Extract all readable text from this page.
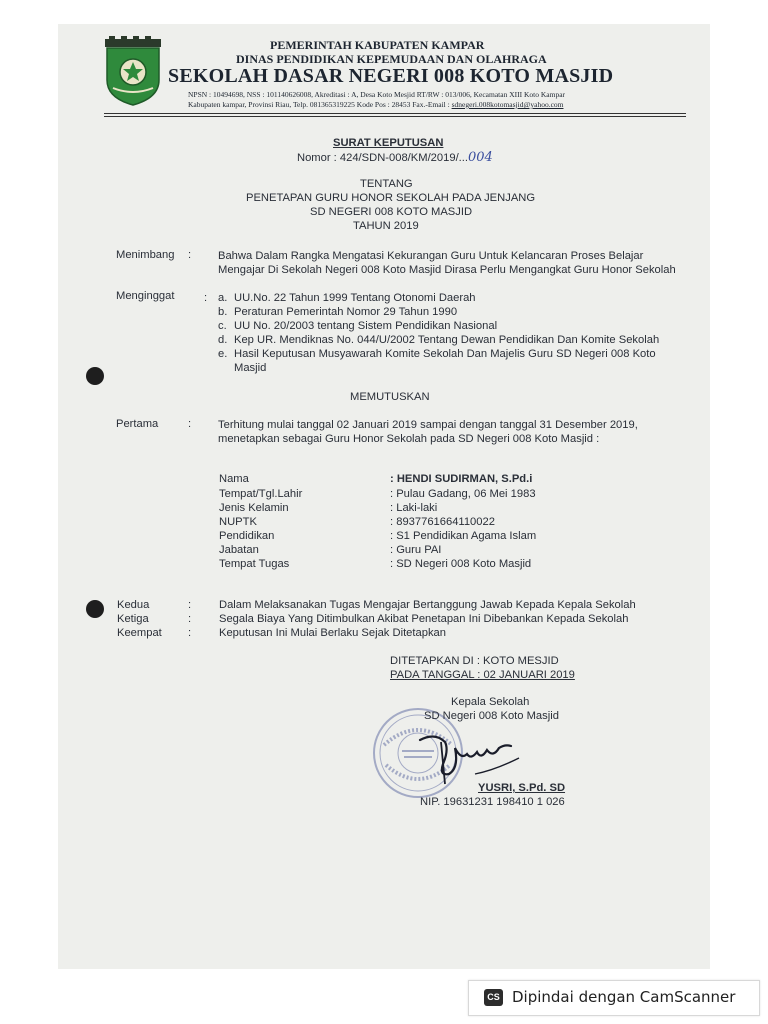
PEMERINTAH KABUPATEN KAMPAR
DINAS PENDIDIKAN KEPEMUDAAN DAN OLAHRAGA
SEKOLAH DASAR NEGERI 008 KOTO MASJID
NPSN : 10494698, NSS : 101140626008, Akreditasi : A, Desa Koto Mesjid RT/RW : 013/006, Kecamatan XIII Koto Kampar
Kabupaten kampar, Provinsi Riau, Telp. 081365319225 Kode Pos : 28453 Fax.-Email : sdnegeri.008kotomasjid@yahoo.com
SURAT KEPUTUSAN
Nomor : 424/SDN-008/KM/2019/...004
TENTANG
PENETAPAN GURU HONOR SEKOLAH PADA JENJANG
SD NEGERI 008 KOTO MASJID
TAHUN 2019
Menimbang : Bahwa Dalam Rangka Mengatasi Kekurangan Guru Untuk Kelancaran Proses Belajar
Mengajar Di Sekolah Negeri 008 Koto Masjid Dirasa Perlu Mengangkat Guru Honor Sekolah
Menginggat	: a. UU.No. 22 Tahun 1999 Tentang Otonomi Daerah
b. Peraturan Pemerintah Nomor 29 Tahun 1990
c. UU No. 20/2003 tentang Sistem Pendidikan Nasional
d. Kep UR. Mendiknas No. 044/U/2002 Tentang Dewan Pendidikan Dan Komite Sekolah
e. Hasil Keputusan Musyawarah Komite Sekolah Dan Majelis Guru SD Negeri 008 Koto
Masjid
MEMUTUSKAN
Pertama	: Terhitung mulai tanggal 02 Januari 2019 sampai dengan tanggal 31 Desember 2019,
menetapkan sebagai Guru Honor Sekolah pada SD Negeri 008 Koto Masjid :
Nama	: HENDI SUDIRMAN, S.Pd.i
Tempat/Tgl.Lahir	: Pulau Gadang, 06 Mei 1983
Jenis Kelamin	: Laki-laki
NUPTK	: 8937761664110022
Pendidikan	: S1 Pendidikan Agama Islam
Jabatan	: Guru PAI
Tempat Tugas	: SD Negeri 008 Koto Masjid
Kedua	: Dalam Melaksanakan Tugas Mengajar Bertanggung Jawab Kepada Kepala Sekolah
Ketiga	: Segala Biaya Yang Ditimbulkan Akibat Penetapan Ini Dibebankan Kepada Sekolah
Keempat : Keputusan Ini Mulai Berlaku Sejak Ditetapkan
DITETAPKAN DI : KOTO MESJID
PADA TANGGAL : 02 JANUARI 2019
Kepala Sekolah
SD Negeri 008 Koto Masjid
YUSRI, S.Pd. SD
NIP. 19631231 198410 1 026
CS Dipindai dengan CamScanner
